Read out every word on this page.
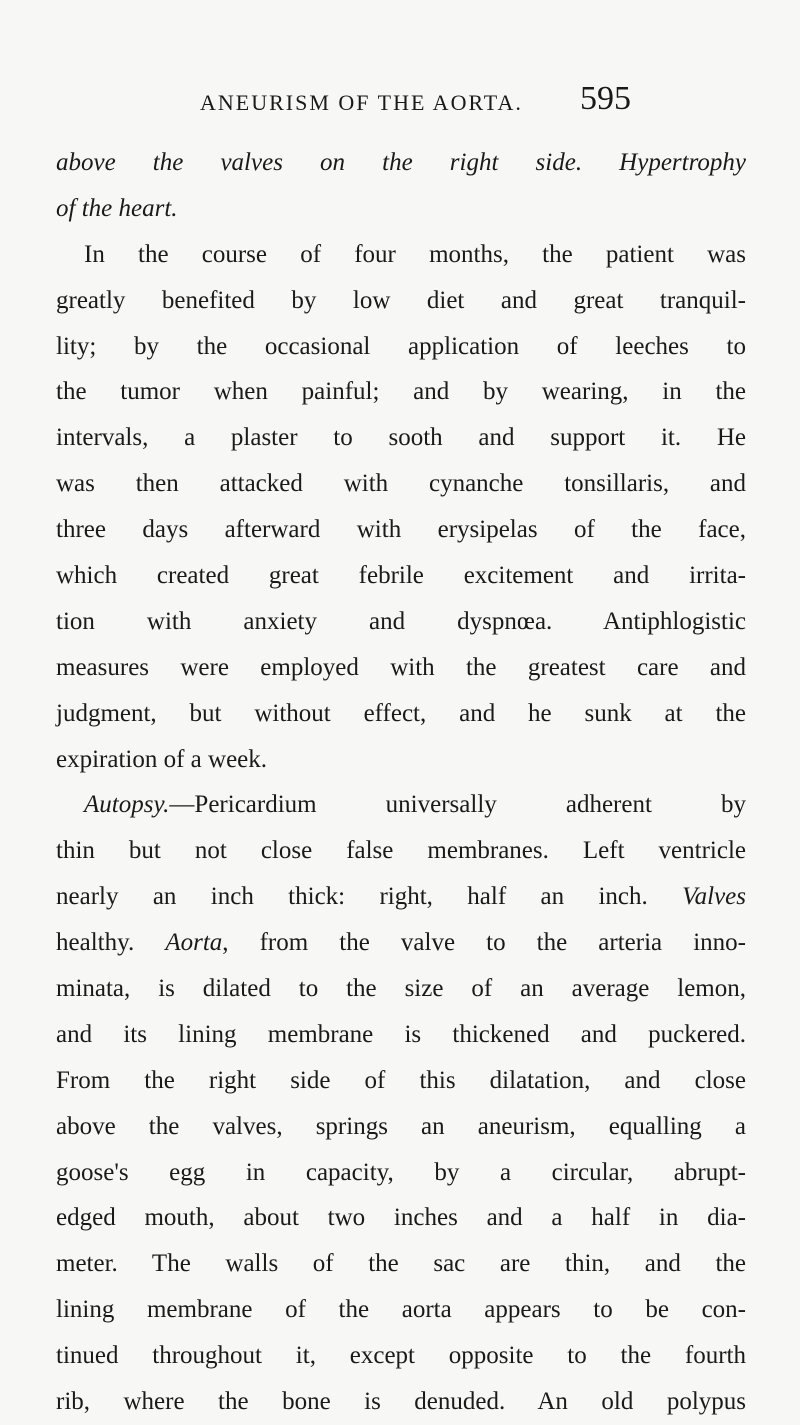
ANEURISM OF THE AORTA. 595
above the valves on the right side. Hypertrophy
of the heart.
In the course of four months, the patient was
greatly benefited by low diet and great tranquil-
lity; by the occasional application of leeches to
the tumor when painful; and by wearing, in the
intervals, a plaster to sooth and support it. He
was then attacked with cynanche tonsillaris, and
three days afterward with erysipelas of the face,
which created great febrile excitement and irrita-
tion with anxiety and dyspnœa. Antiphlogistic
measures were employed with the greatest care and
judgment, but without effect, and he sunk at the
expiration of a week.
Autopsy.—Pericardium universally adherent by
thin but not close false membranes. Left ventricle
nearly an inch thick: right, half an inch. Valves
healthy. Aorta, from the valve to the arteria inno-
minata, is dilated to the size of an average lemon,
and its lining membrane is thickened and puckered.
From the right side of this dilatation, and close
above the valves, springs an aneurism, equalling a
goose's egg in capacity, by a circular, abrupt-
edged mouth, about two inches and a half in dia-
meter. The walls of the sac are thin, and the
lining membrane of the aorta appears to be con-
tinued throughout it, except opposite to the fourth
rib, where the bone is denuded. An old polypus
